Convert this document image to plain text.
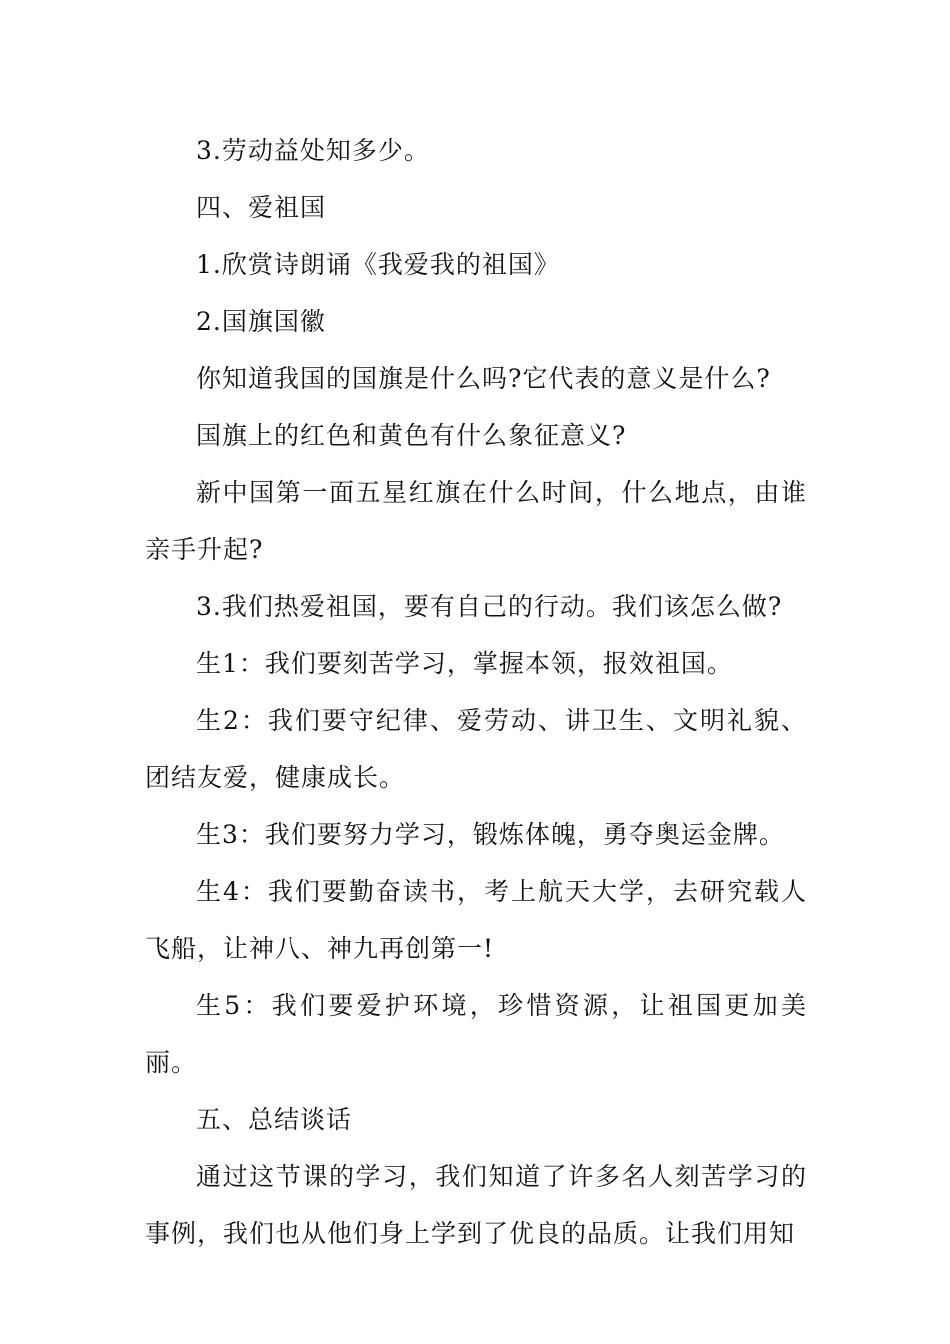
3.劳动益处知多少。

四、爱祖国

1.欣赏诗朗诵《我爱我的祖国》

2.国旗国徽

你知道我国的国旗是什么吗?它代表的意义是什么?

国旗上的红色和黄色有什么象征意义?

新中国第一面五星红旗在什么时间，什么地点，由谁亲手升起?

3.我们热爱祖国，要有自己的行动。我们该怎么做?

生1：我们要刻苦学习，掌握本领，报效祖国。

生2：我们要守纪律、爱劳动、讲卫生、文明礼貌、团结友爱，健康成长。

生3：我们要努力学习，锻炼体魄，勇夺奥运金牌。

生4：我们要勤奋读书，考上航天大学，去研究载人飞船，让神八、神九再创第一!

生5：我们要爱护环境，珍惜资源，让祖国更加美丽。

五、总结谈话

通过这节课的学习，我们知道了许多名人刻苦学习的事例，我们也从他们身上学到了优良的品质。让我们用知
